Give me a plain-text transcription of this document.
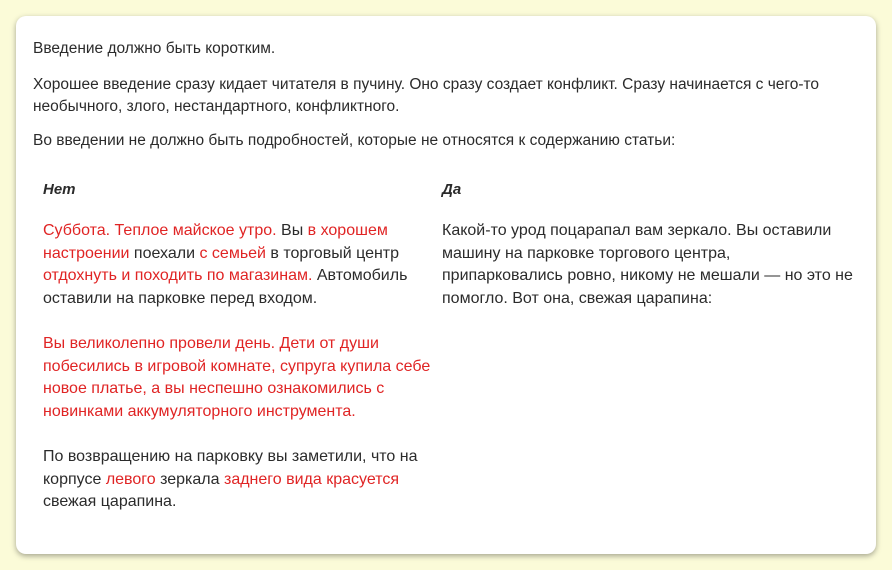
Введение должно быть коротким.

Хорошее введение сразу кидает читателя в пучину. Оно сразу создает конфликт. Сразу начинается с чего-то необычного, злого, нестандартного, конфликтного.

Во введении не должно быть подробностей, которые не относятся к содержанию статьи:

Нет

Суббота. Теплое майское утро. Вы в хорошем настроении поехали с семьей в торговый центр отдохнуть и походить по магазинам. Автомобиль оставили на парковке перед входом.

Вы великолепно провели день. Дети от души побесились в игровой комнате, супруга купила себе новое платье, а вы неспешно ознакомились с новинками аккумуляторного инструмента.

По возвращению на парковку вы заметили, что на корпусе левого зеркала заднего вида красуется свежая царапина.

Да

Какой-то урод поцарапал вам зеркало. Вы оставили машину на парковке торгового центра, припарковались ровно, никому не мешали — но это не помогло. Вот она, свежая царапина:
